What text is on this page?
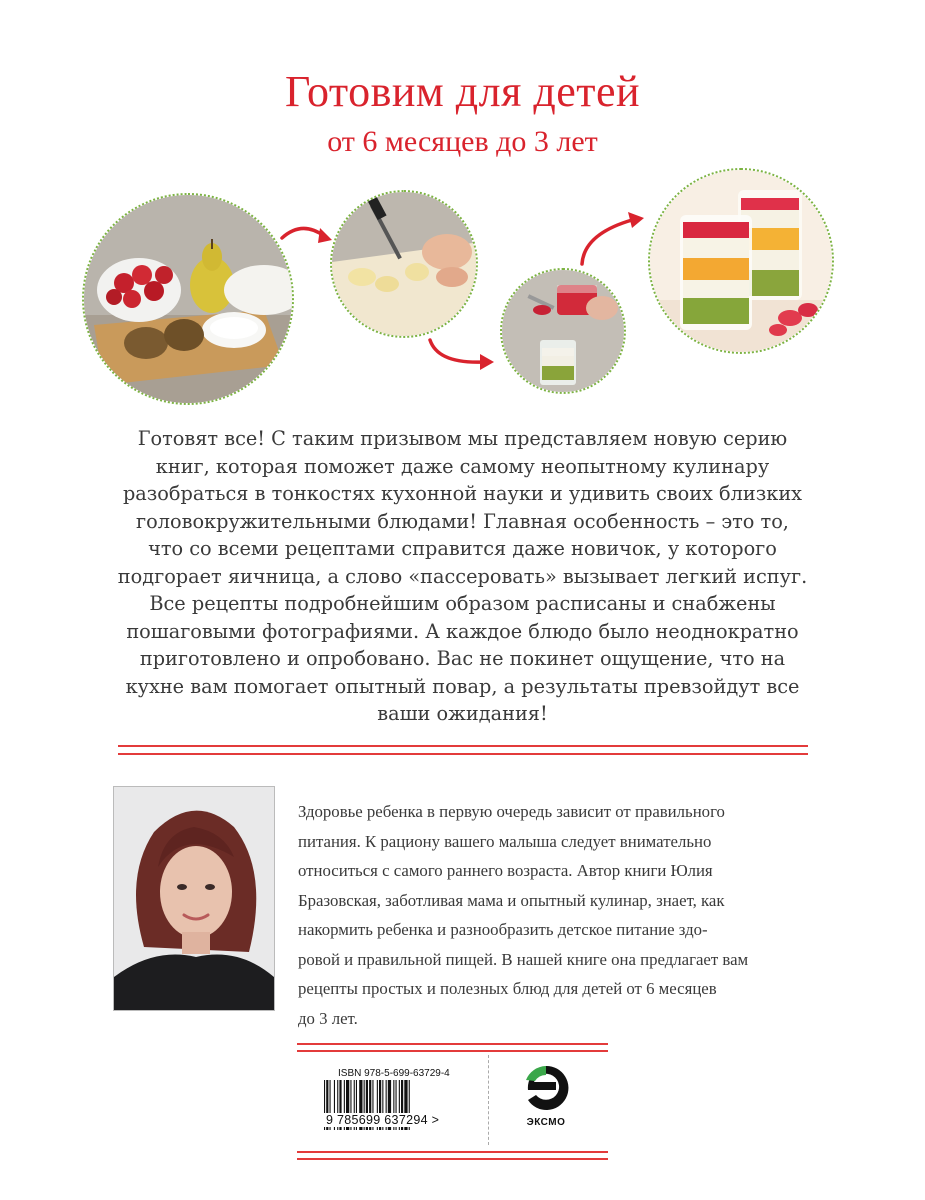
Готовим для детей
от 6 месяцев до 3 лет

Готовят все! С таким призывом мы представляем новую серию

книг, которая поможет даже самому неопытному кулинару

разобраться в тонкостях кухонной науки и удивить своих близких

головокружительными блюдами! Главная особенность – это то,

что со всеми рецептами справится даже новичок, у которого

подгорает яичница, а слово «пассеровать» вызывает легкий испуг.

Все рецепты подробнейшим образом расписаны и снабжены

пошаговыми фотографиями. А каждое блюдо было неоднократно

приготовлено и опробовано. Вас не покинет ощущение, что на

кухне вам помогает опытный повар, а результаты превзойдут все

ваши ожидания!

Здоровье ребенка в первую очередь зависит от правильного

питания. К рациону вашего малыша следует внимательно

относиться с самого раннего возраста. Автор книги Юлия

Бразовская, заботливая мама и опытный кулинар, знает, как

накормить ребенка и разнообразить детское питание здо-

ровой и правильной пищей. В нашей книге она предлагает вам

рецепты простых и полезных блюд для детей от 6 месяцев

до 3 лет.

ISBN 978-5-699-63729-4
9 785699 637294 >	ЭКСМО
